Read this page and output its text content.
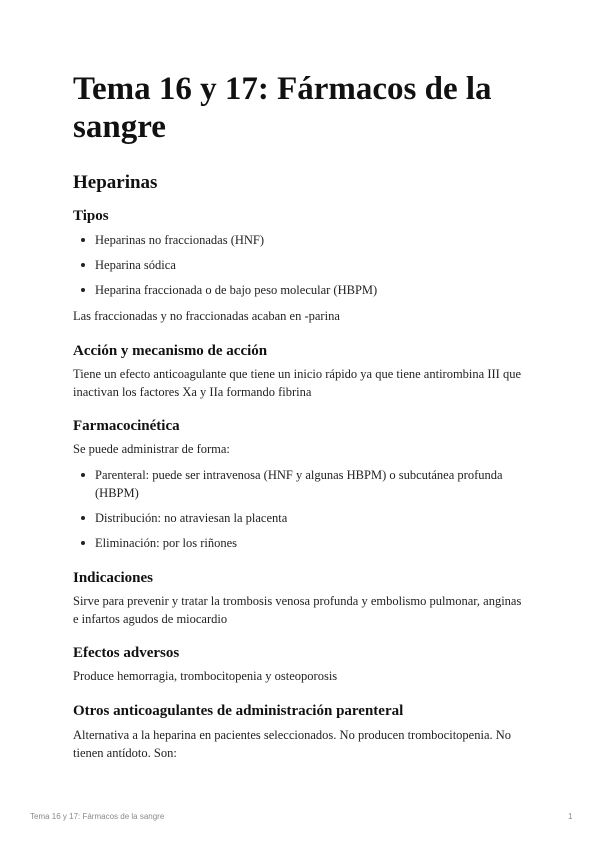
Tema 16 y 17: Fármacos de la sangre
Heparinas
Tipos
Heparinas no fraccionadas (HNF)
Heparina sódica
Heparina fraccionada o de bajo peso molecular (HBPM)

Las fraccionadas y no fraccionadas acaban en -parina

Acción y mecanismo de acción

Tiene un efecto anticoagulante que tiene un inicio rápido ya que tiene antirombina III que inactivan los factores Xa y IIa formando fibrina

Farmacocinética

Se puede administrar de forma:

Parenteral: puede ser intravenosa (HNF y algunas HBPM) o subcutánea profunda (HBPM)
Distribución: no atraviesan la placenta
Eliminación: por los riñones
Indicaciones

Sirve para prevenir y tratar la trombosis venosa profunda y embolismo pulmonar, anginas e infartos agudos de miocardio

Efectos adversos

Produce hemorragia, trombocitopenia y osteoporosis

Otros anticoagulantes de administración parenteral

Alternativa a la heparina en pacientes seleccionados. No producen trombocitopenia. No tienen antídoto. Son:

Tema 16 y 17: Fármacos de la sangre	1
